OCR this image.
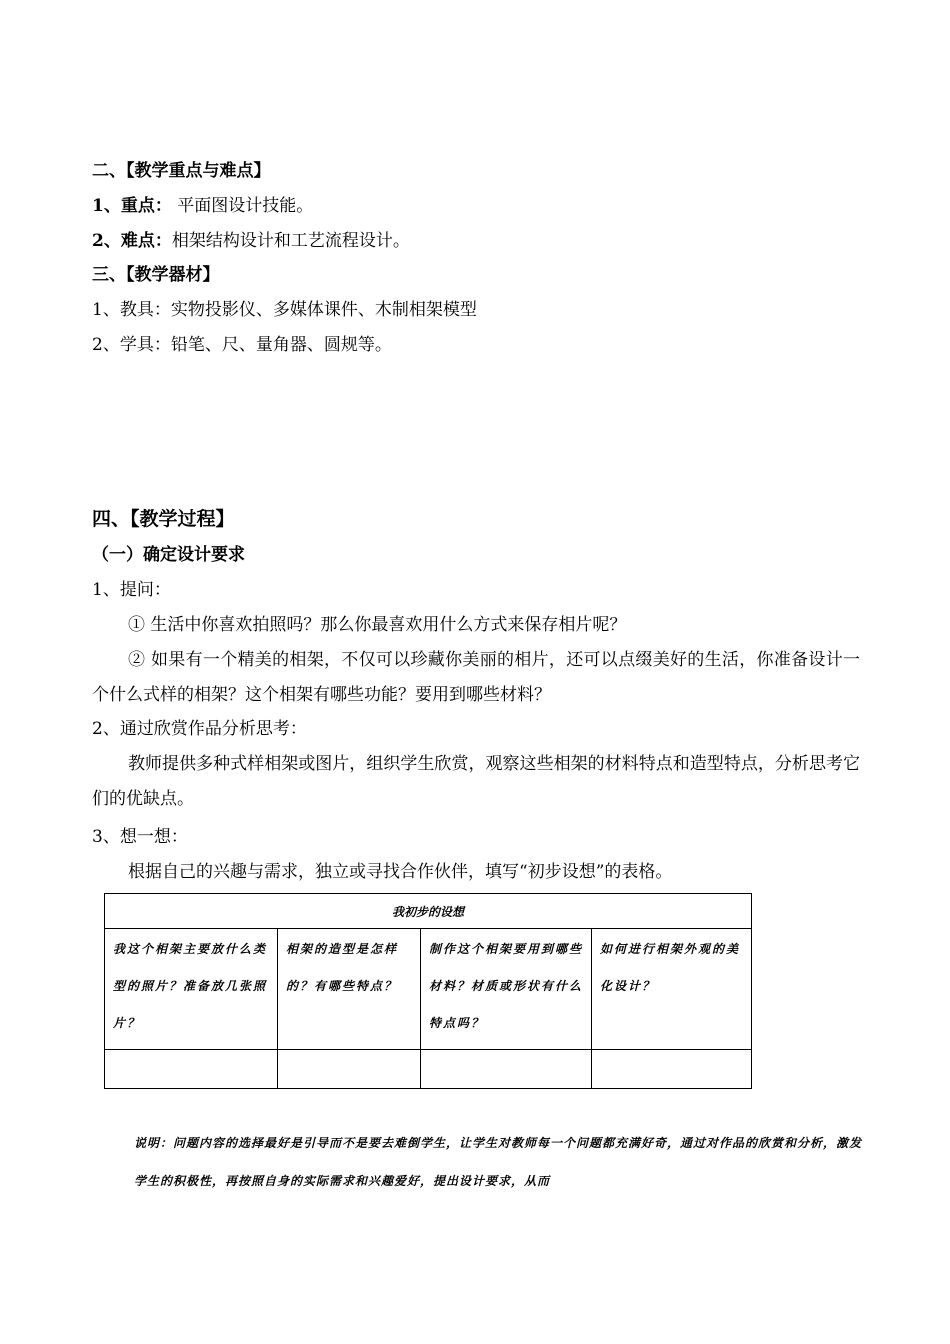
二、【教学重点与难点】
1、重点： 平面图设计技能。
2、难点：相架结构设计和工艺流程设计。
三、【教学器材】
1、教具：实物投影仪、多媒体课件、木制相架模型
2、学具：铅笔、尺、量角器、圆规等。
四、【教学过程】
（一）确定设计要求
1、提问：
① 生活中你喜欢拍照吗？那么你最喜欢用什么方式来保存相片呢？
② 如果有一个精美的相架，不仅可以珍藏你美丽的相片，还可以点缀美好的生活，你准备设计一个什么式样的相架？这个相架有哪些功能？要用到哪些材料？
2、通过欣赏作品分析思考：
教师提供多种式样相架或图片，组织学生欣赏，观察这些相架的材料特点和造型特点，分析思考它们的优缺点。
3、想一想：
根据自己的兴趣与需求，独立或寻找合作伙伴，填写“初步设想”的表格。
我初步的设想			
我这个相架主要放什么类型的照片？准备放几张照片？	相架的造型是怎样的？有哪些特点？	制作这个相架要用到哪些材料？材质或形状有什么特点吗？	如何进行相架外观的美化设计？

说明：问题内容的选择最好是引导而不是要去难倒学生，让学生对教师每一个问题都充满好奇，通过对作品的欣赏和分析，激发学生的积极性，再按照自身的实际需求和兴趣爱好，提出设计要求，从而
